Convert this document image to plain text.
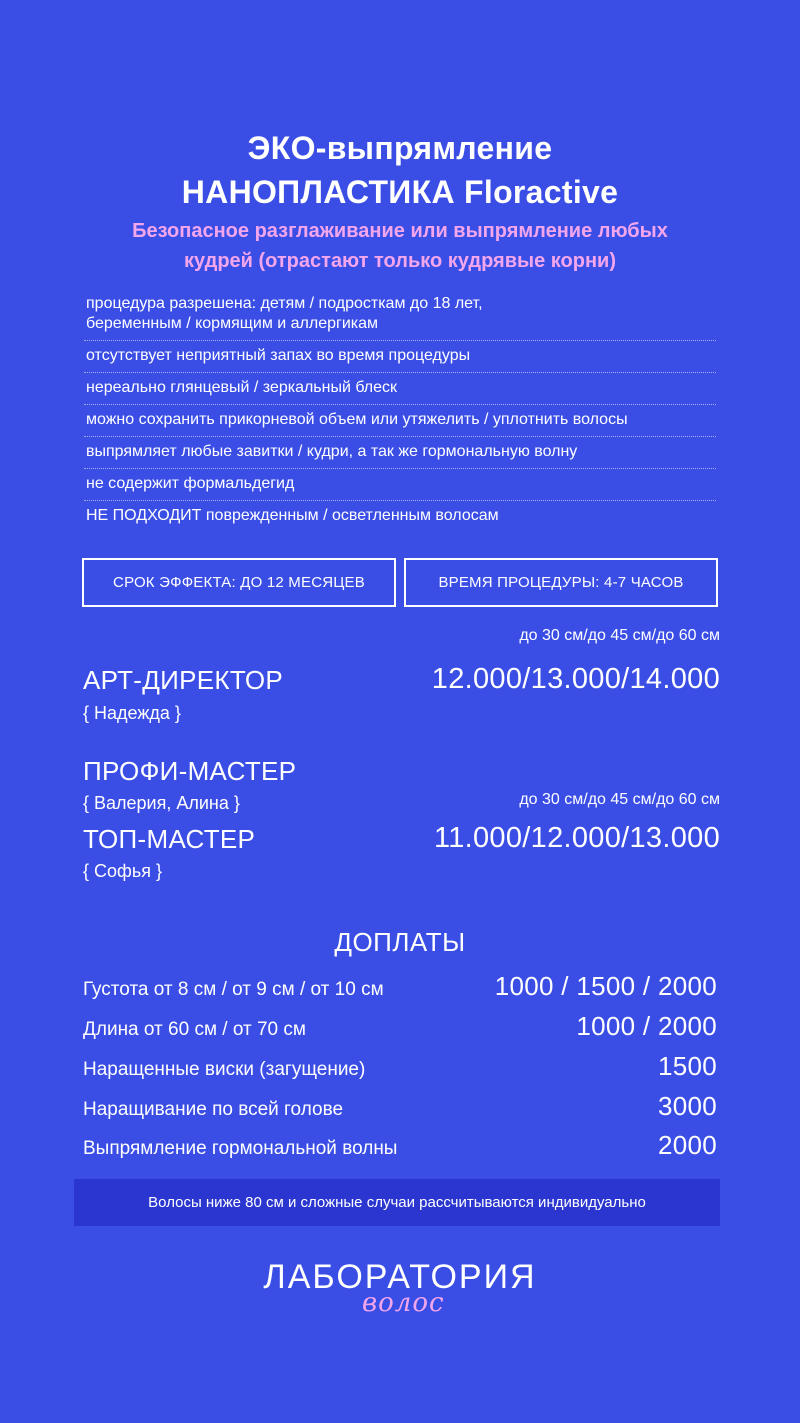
ЭКО-выпрямление
НАНОПЛАСТИКА Floractive
Безопасное разглаживание или выпрямление любых
кудрей (отрастают только кудрявые корни)
процедура разрешена: детям / подросткам до 18 лет,
беременным / кормящим и аллергикам
отсутствует неприятный запах во время процедуры
нереально глянцевый / зеркальный блеск
можно сохранить прикорневой объем или утяжелить / уплотнить волосы
выпрямляет любые завитки / кудри, а так же гормональную волну
не содержит формальдегид
НЕ ПОДХОДИТ поврежденным / осветленным волосам
СРОК ЭФФЕКТА: ДО 12 МЕСЯЦЕВ	ВРЕМЯ ПРОЦЕДУРЫ: 4-7 ЧАСОВ
до 30 см/до 45 см/до 60 см
АРТ-ДИРЕКТОР
{ Надежда }
12.000/13.000/14.000
ПРОФИ-МАСТЕР
{ Валерия, Алина }	до 30 см/до 45 см/до 60 см
ТОП-МАСТЕР
{ Софья }
11.000/12.000/13.000
ДОПЛАТЫ
Густота от 8 см / от 9 см / от 10 см	1000 / 1500 / 2000
Длина от 60 см / от 70 см	1000 / 2000
Наращенные виски (загущение)	1500
Наращивание по всей голове	3000
Выпрямление гормональной волны	2000
Волосы ниже 80 см и сложные случаи рассчитываются индивидуально
ЛАБОРАТОРИЯ
волос
